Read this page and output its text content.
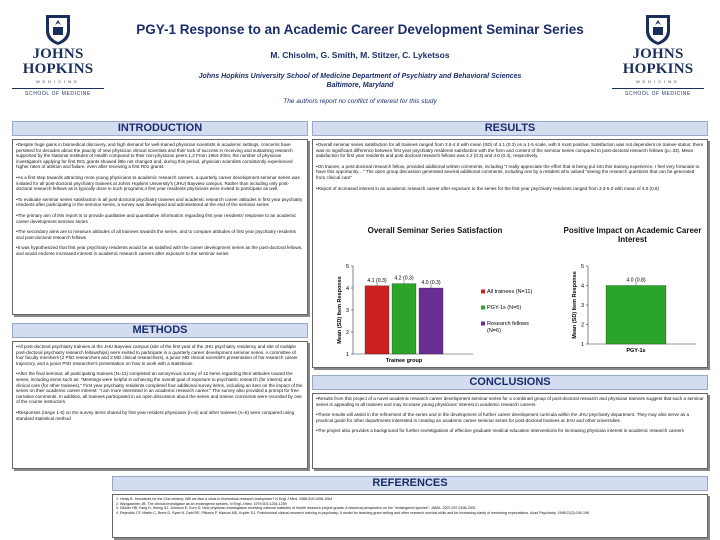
JOHNS HOPKINS
MEDICINE
SCHOOL OF MEDICINE
JOHNS HOPKINS
MEDICINE
SCHOOL OF MEDICINE
PGY-1 Response to an Academic Career Development Seminar Series
M. Chisolm, G. Smith, M. Stitzer, C. Lyketsos
Johns Hopkins University School of Medicine Department of Psychiatry and Behavioral Sciences
Baltimore, Maryland
The authors report no conflict of interest for this study
INTRODUCTION

•Despite huge gains in biomedical discovery, and high demand for well-trained physician scientists in academic settings, concerns have persisted for decades about the paucity of new physician clinical scientists and their lack of success in receiving and sustaining research supported by the National Institutes of Health compared to their non-physician peers.1,2 From 1964-2004, the number of physician investigators applying for first R01 grants showed little net change3 and, during this period, physician scientists consistently experienced higher rates of attrition and failure, even after receiving a first R01 grant4

•As a first step towards attracting more young physicians to academic research careers, a quarterly career development seminar series was initiated for all post-doctoral psychiatry trainees at Johns Hopkins University's (JHU) Bayview campus. Rather than including only post-doctoral research fellows as is typically done in such programs,4 first year residents physicians were invited to participate as well.

•To evaluate seminar series satisfaction in all post-doctoral psychiatry trainees and academic research career attitudes in first year psychiatry residents after participating in the seminar series, a survey was developed and administered at the end of the seminar series

•The primary aim of this report is to provide qualitative and quantitative information regarding first year residents' response to an academic career development seminar series

•The secondary aims are to measure attitudes of all trainees towards the series, and to compare attitudes of first year psychiatry residents and post-doctoral research fellows

•It was hypothesized that first year psychiatry residents would be as satisfied with the career development series as the post-doctoral fellows, and would endorse increased interest in academic research careers after exposure to the seminar series

METHODS

•All post-doctoral psychiatry trainees at the JHU Bayview campus (site of the first year of the JHU psychiatry residency and site of multiple post-doctoral psychiatry research fellowships) were invited to participate in a quarterly career development seminar series. A committee of four faculty members (2 PhD researchers and 2 MD clinical researchers), a junior MD clinical scientist's presentation of his research career trajectory, and a junior PhD researcher's presentation on how to work with a statistician

•After the final seminar, all participating trainees (N=11) completed an anonymous survey of 12 items regarding their attitudes toward the series, including items such as: "Meetings were helpful in achieving the overall goal of exposure to psychiatric research (for interns) and clinical care (for other trainees)." First year psychiatry residents completed four additional survey items, including an item on the impact of the series on their academic career interest: "I am more interested in an academic research career." The survey also provided a prompt for free narrative comments. In addition, all trainees participated in an open discussion about the series and trainee comments were recorded by one of the course instructors

•Responses (range 1-5) on the survey items shared by first year resident physicians (n=5) and other trainees (n=6) were compared using standard statistical method

RESULTS

•Overall seminar series satisfaction for all trainees ranged from 3.6-4.6 with mean (SD) of 4.1 (0.3) on a 1-5 scale, with 5 most positive. Satisfaction was not dependent on trainee status: there was no significant difference between first year psychiatry residents satisfaction with the form and content of the seminar series compared to post-doctoral research fellows (p=.33). Mean satisfaction for first year residents and post doctoral research fellows was 4.2 (0.3) and 4.0 (0.3), respectively.

•On trainee, a post-doctoral research fellow, provided additional written comments, including "I really appreciate the effort that is being put into this training experience. I feel very fortunate to have this opportunity…" The open group discussion generated several additional comments, including one by a resident who valued "seeing the research questions that can be generated from clinical care"

•Report of increased interest in an academic research career after exposure to the series for the first year psychiatry residents ranged from 3.3-5.0 with mean of 4.0 (0.8)

Overall Seminar Series Satisfaction
1
2
3
4
5
Mean (SD) Item Response	4.1 (0.3) 4.2 (0.3)
4.0 (0.3)
Trainee group
All trainees (N=11)
PGY-1s (N=5)
Research fellows
(N=6)
Positive Impact on Academic Career Interest
1
2
3
4
5
Mean (SD) Item Response	4.0 (0.8)
PGY-1s
CONCLUSIONS

•Results from this project of a novel academic research career development seminar series for a combined group of post-doctoral research and physician trainees suggest that such a seminar series is appealing to all trainees and may increase young physicians' interest in academic research careers

•These results will assist in the refinement of the series and in the development of further career development curricula within the JHU psychiatry department. They may also serve as a practical guide for other departments interested in creating an academic career seminar series for post-doctoral trainees at JHU and other universities

•The project also provides a background for further investigations of effective graduate medical education interventions for increasing physician interest in academic research careers

REFERENCES
1. Healy B. Innovators for the 21st century: Will we face a crisis in biomedical-research brainpower? N Engl J Med. 1988;319:1058-1064
2. Wyngaarden JB. The clinical investigator as an endangered species. N Engl J Med. 1979;301:1254-1259
3. Dickler HB, Fang D, Heinig SJ, Johnson E, Korn D. New physician-investigators receiving national institutes of health research project grants: A historical perspective on the "endangered species". JAMA. 2007;297:2496-2501
4. Reynolds CF, Martin C, Brent D, Ryan N, Dahl RE, Pilkonis P, Marcus MD, Kupfer DJ. Postdoctoral clinical-research training in psychiatry: A model for teaching grant writing and other research survival skills and for increasing clarity of mentoring expectations. Acad Psychiatry. 1998;22(3):190-196
